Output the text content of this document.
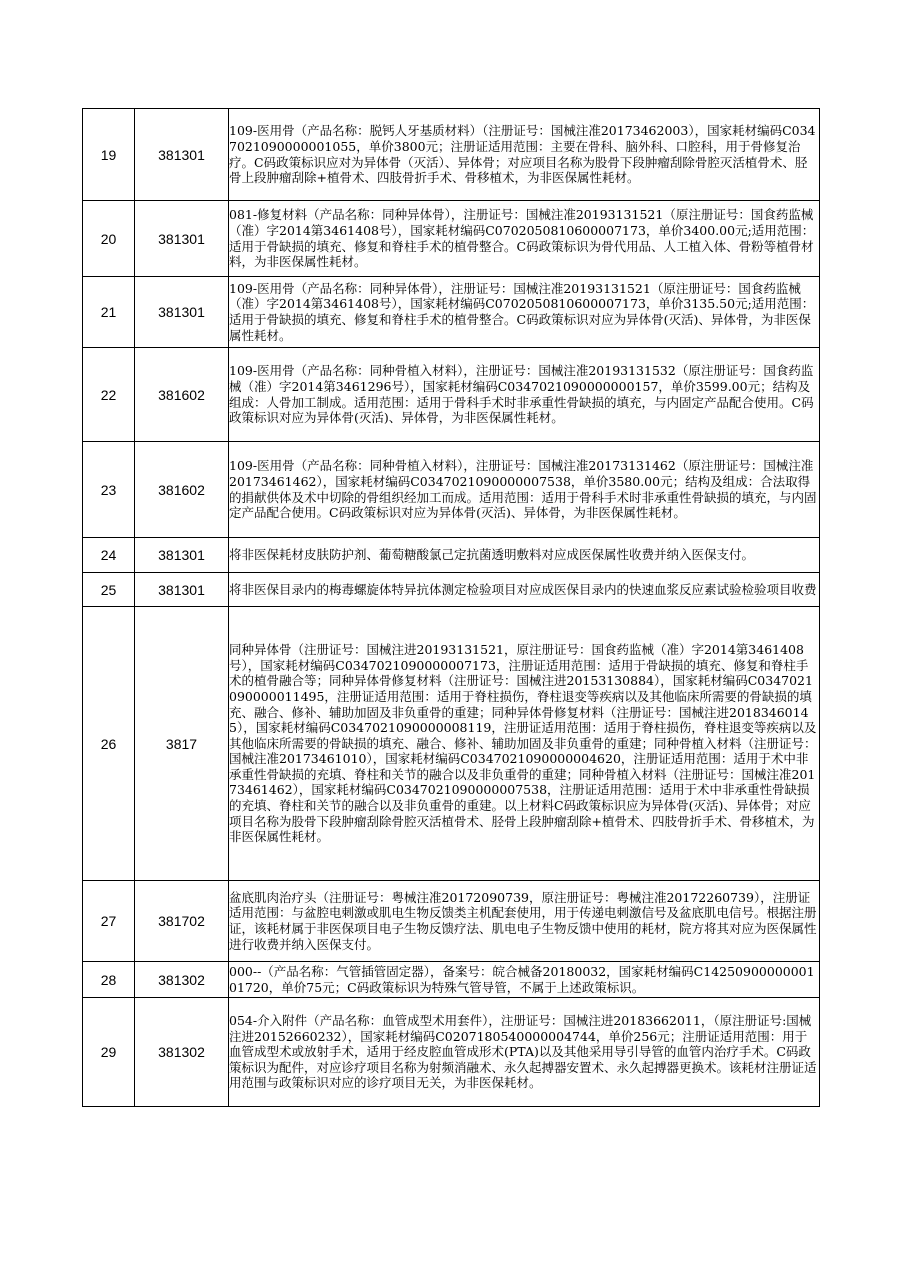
19	381301	109-医用骨（产品名称：脱钙人牙基质材料）（注册证号：国械注准20173462003），国家耗材编码C0347021090000001055，单价3800元；注册证适用范围：主要在骨科、脑外科、口腔科，用于骨修复治疗。C码政策标识应对为异体骨（灭活）、异体骨；对应项目名称为股骨下段肿瘤刮除骨腔灭活植骨术、胫骨上段肿瘤刮除+植骨术、四肢骨折手术、骨移植术，为非医保属性耗材。

20	381301	081-修复材料（产品名称：同种异体骨），注册证号：国械注准20193131521（原注册证号：国食药监械（准）字2014第3461408号），国家耗材编码C0702050810600007173，单价3400.00元;适用范围：适用于骨缺损的填充、修复和脊柱手术的植骨整合。C码政策标识为骨代用品、人工植入体、骨粉等植骨材料，为非医保属性耗材。

21	381301	109-医用骨（产品名称：同种异体骨），注册证号：国械注准20193131521（原注册证号：国食药监械（准）字2014第3461408号），国家耗材编码C0702050810600007173，单价3135.50元;适用范围：适用于骨缺损的填充、修复和脊柱手术的植骨整合。C码政策标识对应为异体骨(灭活)、异体骨，为非医保属性耗材。

22	381602	109-医用骨（产品名称：同种骨植入材料），注册证号：国械注准20193131532（原注册证号：国食药监械（准）字2014第3461296号），国家耗材编码C0347021090000000157，单价3599.00元；结构及组成：人骨加工制成。适用范围：适用于骨科手术时非承重性骨缺损的填充，与内固定产品配合使用。C码政策标识对应为异体骨(灭活)、异体骨，为非医保属性耗材。

23	381602	109-医用骨（产品名称：同种骨植入材料），注册证号：国械注准20173131462（原注册证号：国械注准20173461462），国家耗材编码C0347021090000007538，单价3580.00元；结构及组成：合法取得的捐献供体及术中切除的骨组织经加工而成。适用范围：适用于骨科手术时非承重性骨缺损的填充，与内固定产品配合使用。C码政策标识对应为异体骨(灭活)、异体骨，为非医保属性耗材。

24	381301	将非医保耗材皮肤防护剂、葡萄糖酸氯己定抗菌透明敷料对应成医保属性收费并纳入医保支付。

25	381301	将非医保目录内的梅毒螺旋体特异抗体测定检验项目对应成医保目录内的快速血浆反应素试验检验项目收费

26	3817	同种异体骨（注册证号：国械注进20193131521，原注册证号：国食药监械（准）字2014第3461408号），国家耗材编码C0347021090000007173，注册证适用范围：适用于骨缺损的填充、修复和脊柱手术的植骨融合等；同种异体骨修复材料（注册证号：国械注进20153130884），国家耗材编码C0347021090000011495，注册证适用范围：适用于脊柱损伤，脊柱退变等疾病以及其他临床所需要的骨缺损的填充、融合、修补、辅助加固及非负重骨的重建；同种异体骨修复材料（注册证号：国械注进20183460145），国家耗材编码C0347021090000008119，注册证适用范围：适用于脊柱损伤，脊柱退变等疾病以及其他临床所需要的骨缺损的填充、融合、修补、辅助加固及非负重骨的重建；同种骨植入材料（注册证号：国械注准20173461010），国家耗材编码C0347021090000004620，注册证适用范围：适用于术中非承重性骨缺损的充填、脊柱和关节的融合以及非负重骨的重建；同种骨植入材料（注册证号：国械注准20173461462），国家耗材编码C0347021090000007538，注册证适用范围：适用于术中非承重性骨缺损的充填、脊柱和关节的融合以及非负重骨的重建。以上材料C码政策标识应为异体骨(灭活)、异体骨；对应项目名称为股骨下段肿瘤刮除骨腔灭活植骨术、胫骨上段肿瘤刮除+植骨术、四肢骨折手术、骨移植术，为非医保属性耗材。

27	381702	盆底肌肉治疗头（注册证号：粤械注准20172090739，原注册证号：粤械注准20172260739），注册证适用范围：与盆腔电刺激或肌电生物反馈类主机配套使用，用于传递电刺激信号及盆底肌电信号。根据注册证，该耗材属于非医保项目电子生物反馈疗法、肌电电子生物反馈中使用的耗材，院方将其对应为医保属性进行收费并纳入医保支付。

28	381302	000--（产品名称：气管插管固定器），备案号：皖合械备20180032，国家耗材编码C1425090000000101720，单价75元；C码政策标识为特殊气管导管，不属于上述政策标识。

29	381302	054-介入附件（产品名称：血管成型术用套件），注册证号：国械注进20183662011，（原注册证号:国械注进20152660232），国家耗材编码C0207180540000004744，单价256元；注册证适用范围：用于血管成型术或放射手术，适用于经皮腔血管成形术(PTA)以及其他采用导引导管的血管内治疗手术。C码政策标识为配件，对应诊疗项目名称为射频消融术、永久起搏器安置术、永久起搏器更换术。该耗材注册证适用范围与政策标识对应的诊疗项目无关，为非医保耗材。
